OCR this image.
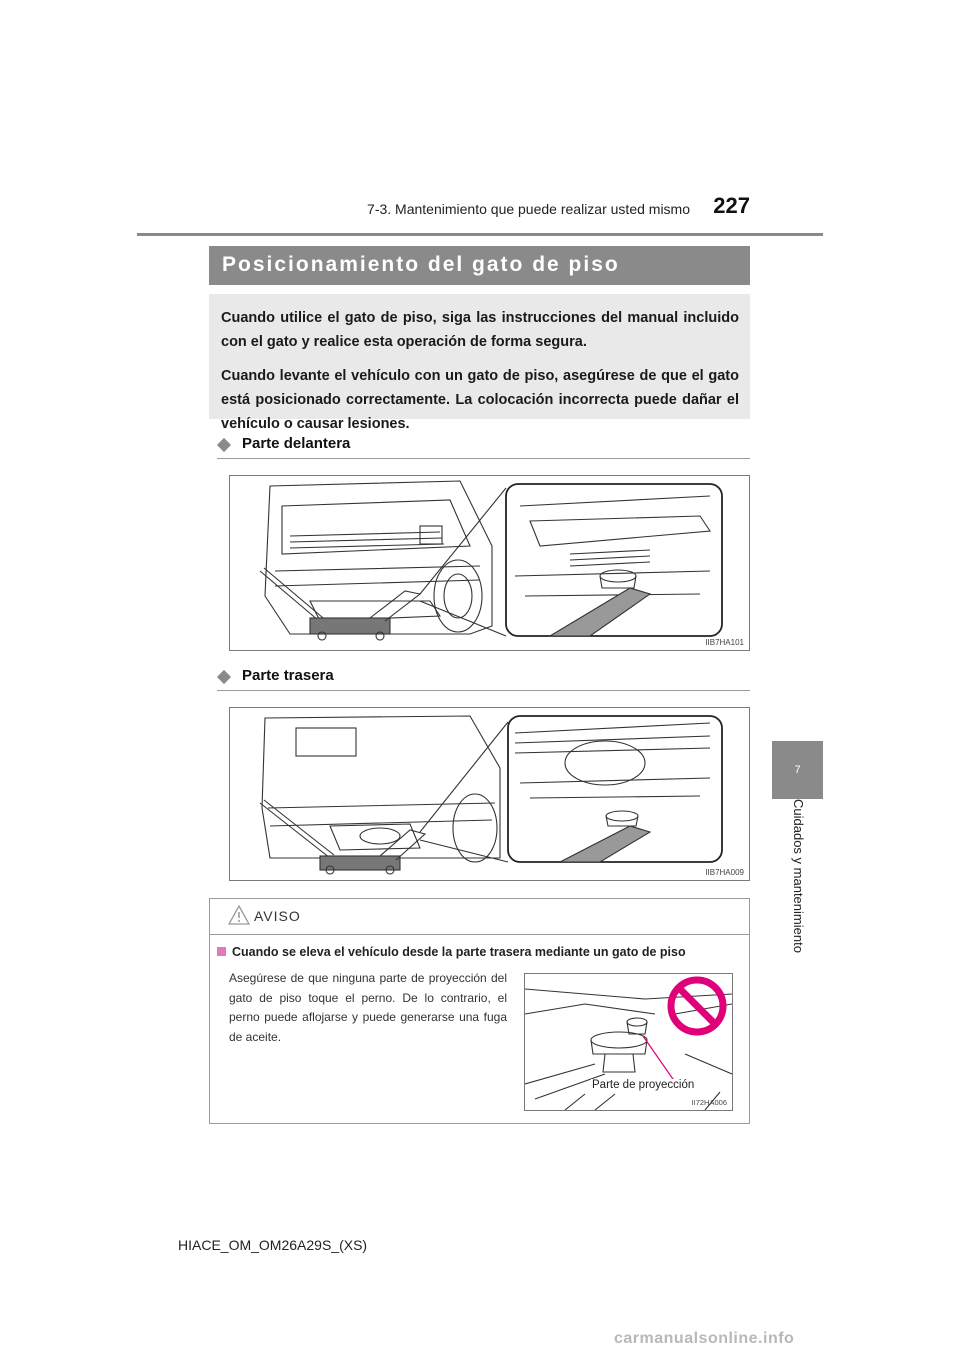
7-3. Mantenimiento que puede realizar usted mismo	227
7
Cuidados y mantenimiento
Posicionamiento del gato de piso

Cuando utilice el gato de piso, siga las instrucciones del manual incluido con el gato y realice esta operación de forma segura.

Cuando levante el vehículo con un gato de piso, asegúrese de que el gato está posicionado correctamente. La colocación incorrecta puede dañar el vehículo o causar lesiones.

Parte delantera
IIB7HA101
Parte trasera
IIB7HA009
AVISO
Cuando se eleva el vehículo desde la parte trasera mediante un gato de piso
Asegúrese de que ninguna parte de proyección del gato de piso toque el perno. De lo contrario, el perno puede aflojarse y puede generarse una fuga de aceite.
Parte de proyección
II72HA006
HIACE_OM_OM26A29S_(XS)
carmanualsonline.info
